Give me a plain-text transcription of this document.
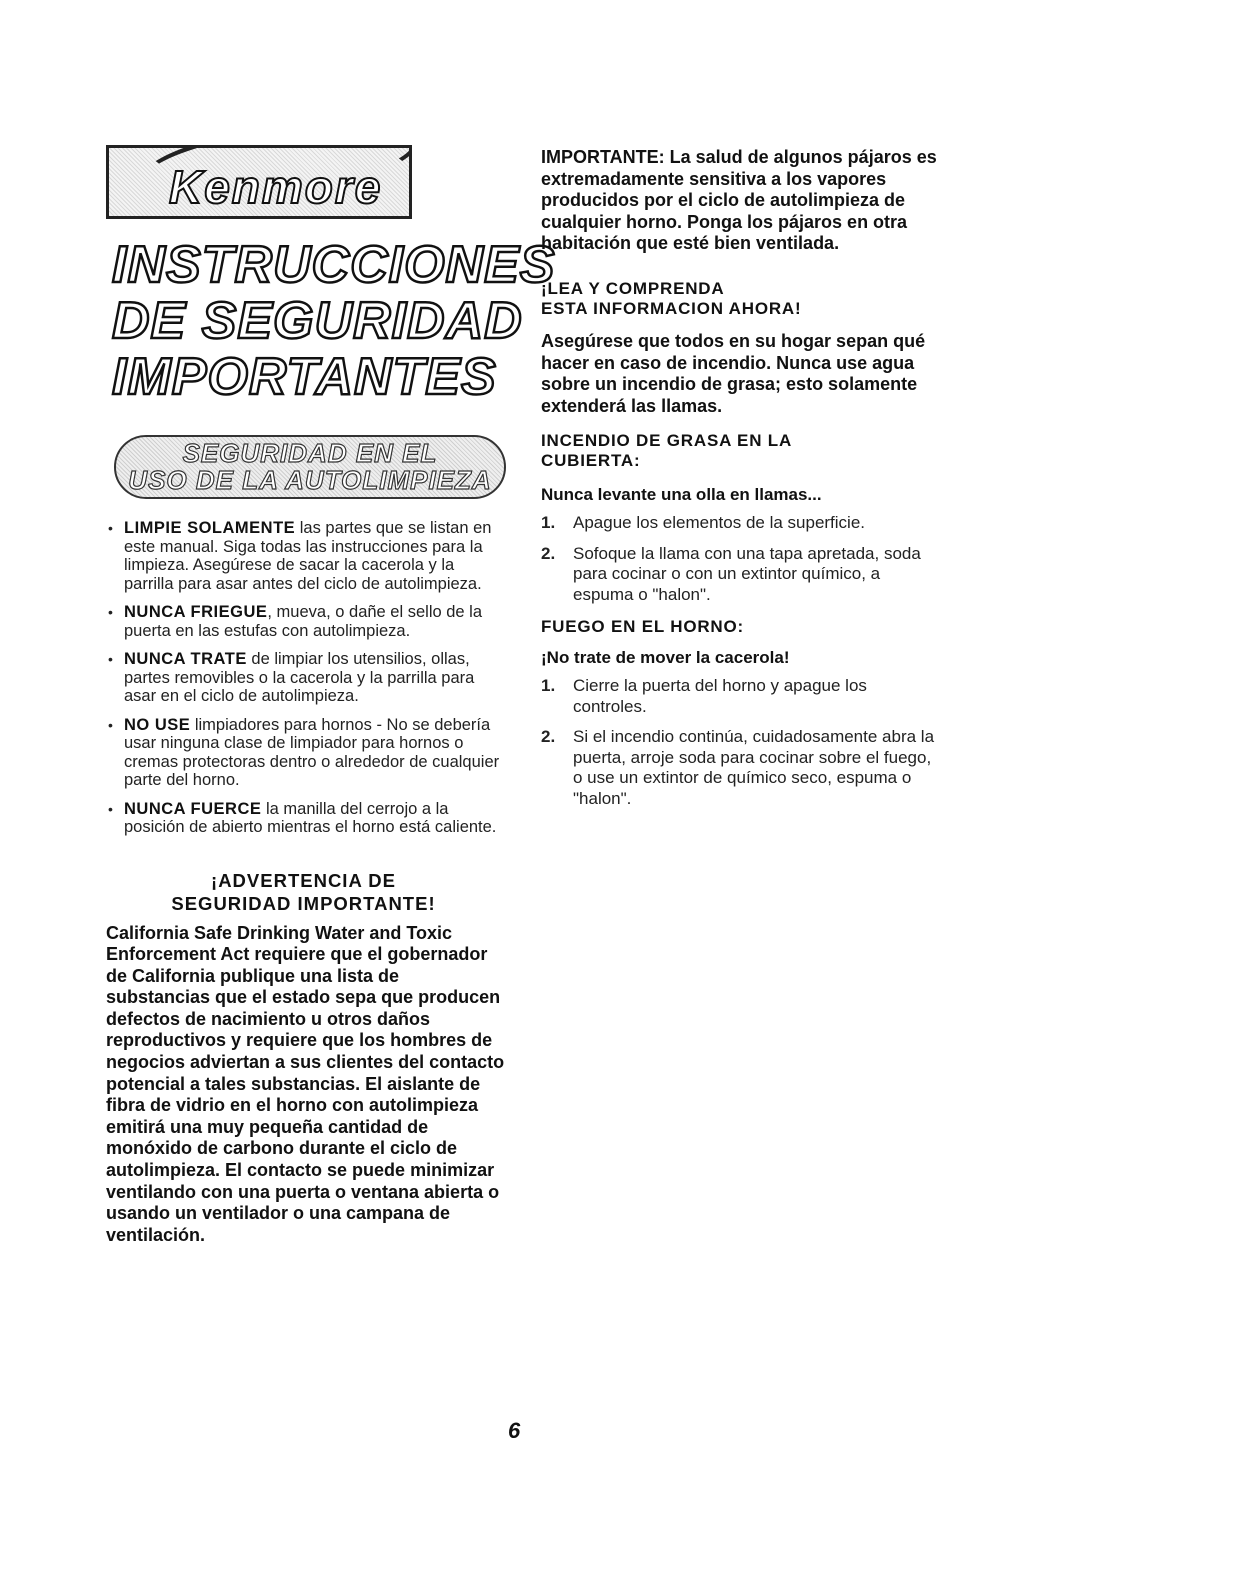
Kenmore
INSTRUCCIONES
DE SEGURIDAD
IMPORTANTES
SEGURIDAD EN EL
USO DE LA AUTOLIMPIEZA
• LIMPIE SOLAMENTE las partes que se listan en este manual. Siga todas las instrucciones para la limpieza. Asegúrese de sacar la cacerola y la parrilla para asar antes del ciclo de autolimpieza.
• NUNCA FRIEGUE, mueva, o dañe el sello de la puerta en las estufas con autolimpieza.
• NUNCA TRATE de limpiar los utensilios, ollas, partes removibles o la cacerola y la parrilla para asar en el ciclo de autolimpieza.
• NO USE limpiadores para hornos - No se debería usar ninguna clase de limpiador para hornos o cremas protectoras dentro o alrededor de cualquier parte del horno.
• NUNCA FUERCE la manilla del cerrojo a la posición de abierto mientras el horno está caliente.
¡ADVERTENCIA DE
SEGURIDAD IMPORTANTE!

California Safe Drinking Water and Toxic Enforcement Act requiere que el gobernador de California publique una lista de substancias que el estado sepa que producen defectos de nacimiento u otros daños reproductivos y requiere que los hombres de negocios adviertan a sus clientes del contacto potencial a tales substancias. El aislante de fibra de vidrio en el horno con autolimpieza emitirá una muy pequeña cantidad de monóxido de carbono durante el ciclo de autolimpieza. El contacto se puede minimizar ventilando con una puerta o ventana abierta o usando un ventilador o una campana de ventilación.

IMPORTANTE: La salud de algunos pájaros es extremadamente sensitiva a los vapores producidos por el ciclo de autolimpieza de cualquier horno. Ponga los pájaros en otra habitación que esté bien ventilada.

¡LEA Y COMPRENDA
ESTA INFORMACION AHORA!

Asegúrese que todos en su hogar sepan qué hacer en caso de incendio. Nunca use agua sobre un incendio de grasa; esto solamente extenderá las llamas.

INCENDIO DE GRASA EN LA
CUBIERTA:

Nunca levante una olla en llamas...

1. Apague los elementos de la superficie.
2. Sofoque la llama con una tapa apretada, soda para cocinar o con un extintor químico, a espuma o "halon".

FUEGO EN EL HORNO:

¡No trate de mover la cacerola!

1. Cierre la puerta del horno y apague los controles.
2. Si el incendio continúa, cuidadosamente abra la puerta, arroje soda para cocinar sobre el fuego, o use un extintor de químico seco, espuma o "halon".
6
